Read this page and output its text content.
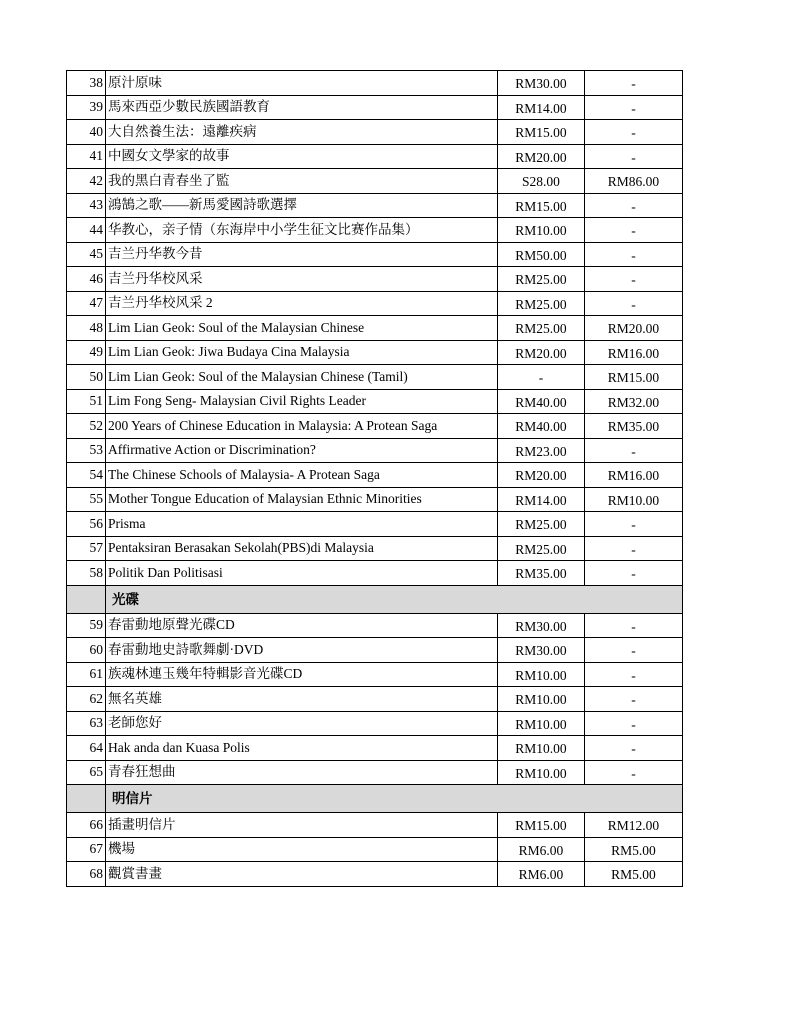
38	原汁原味	RM30.00	-
39	馬來西亞少數民族國語教育	RM14.00	-
40	大自然養生法：遠離疾病	RM15.00	-
41	中國女文學家的故事	RM20.00	-
42	我的黑白青春坐了監	S28.00	RM86.00
43	鴻鵠之歌——新馬愛國詩歌選擇	RM15.00	-
44	华教心，亲子情（东海岸中小学生征文比赛作品集）	RM10.00	-
45	吉兰丹华教今昔	RM50.00	-
46	吉兰丹华校风采	RM25.00	-
47	吉兰丹华校风采 2	RM25.00	-
48	Lim Lian Geok: Soul of the Malaysian Chinese	RM25.00	RM20.00
49	Lim Lian Geok: Jiwa Budaya Cina Malaysia	RM20.00	RM16.00
50	Lim Lian Geok: Soul of the Malaysian Chinese (Tamil)	-	RM15.00
51	Lim Fong Seng- Malaysian Civil Rights Leader	RM40.00	RM32.00
52	200 Years of Chinese Education in Malaysia: A Protean Saga	RM40.00	RM35.00
53	Affirmative Action or Discrimination?	RM23.00	-
54	The Chinese Schools of Malaysia- A Protean Saga	RM20.00	RM16.00
55	Mother Tongue Education of Malaysian Ethnic Minorities	RM14.00	RM10.00
56	Prisma	RM25.00	-
57	Pentaksiran Berasakan Sekolah(PBS)di Malaysia	RM25.00	-
58	Politik Dan Politisasi	RM35.00	-
	光碟		
59	春雷動地原聲光碟CD	RM30.00	-
60	春雷動地史詩歌舞劇·DVD	RM30.00	-
61	族魂林連玉幾年特輯影音光碟CD	RM10.00	-
62	無名英雄	RM10.00	-
63	老師您好	RM10.00	-
64	Hak anda dan Kuasa Polis	RM10.00	-
65	青春狂想曲	RM10.00	-
	明信片		
66	插畫明信片	RM15.00	RM12.00
67	機場	RM6.00	RM5.00
68	觀賞書畫	RM6.00	RM5.00
